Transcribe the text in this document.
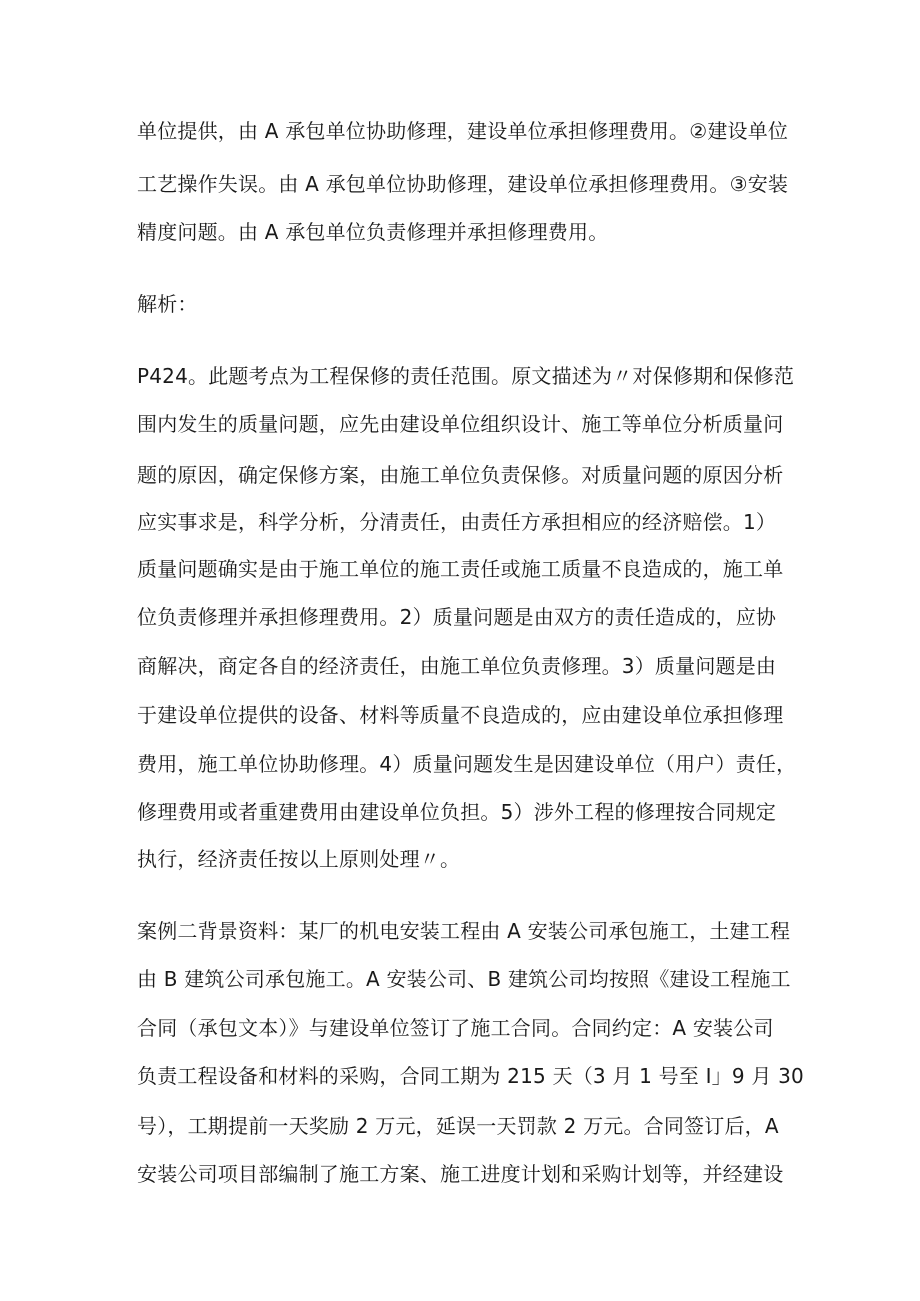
单位提供，由 A 承包单位协助修理，建设单位承担修理费用。②建设单位
工艺操作失误。由 A 承包单位协助修理，建设单位承担修理费用。③安装
精度问题。由 A 承包单位负责修理并承担修理费用。
解析：
P424。此题考点为工程保修的责任范围。原文描述为〃对保修期和保修范
围内发生的质量问题，应先由建设单位组织设计、施工等单位分析质量问
题的原因，确定保修方案，由施工单位负责保修。对质量问题的原因分析
应实事求是，科学分析，分清责任，由责任方承担相应的经济赔偿。1）
质量问题确实是由于施工单位的施工责任或施工质量不良造成的，施工单
位负责修理并承担修理费用。2）质量问题是由双方的责任造成的，应协
商解决，商定各自的经济责任，由施工单位负责修理。3）质量问题是由
于建设单位提供的设备、材料等质量不良造成的，应由建设单位承担修理
费用，施工单位协助修理。4）质量问题发生是因建设单位（用户）责任，
修理费用或者重建费用由建设单位负担。5）涉外工程的修理按合同规定
执行，经济责任按以上原则处理〃。
案例二背景资料：某厂的机电安装工程由 A 安装公司承包施工，土建工程
由 B 建筑公司承包施工。A 安装公司、B 建筑公司均按照《建设工程施工
合同（承包文本）》与建设单位签订了施工合同。合同约定：A 安装公司
负责工程设备和材料的采购，合同工期为 215 天（3 月 1 号至 I」9 月 30
号），工期提前一天奖励 2 万元，延误一天罚款 2 万元。合同签订后，A
安装公司项目部编制了施工方案、施工进度计划和采购计划等，并经建设
